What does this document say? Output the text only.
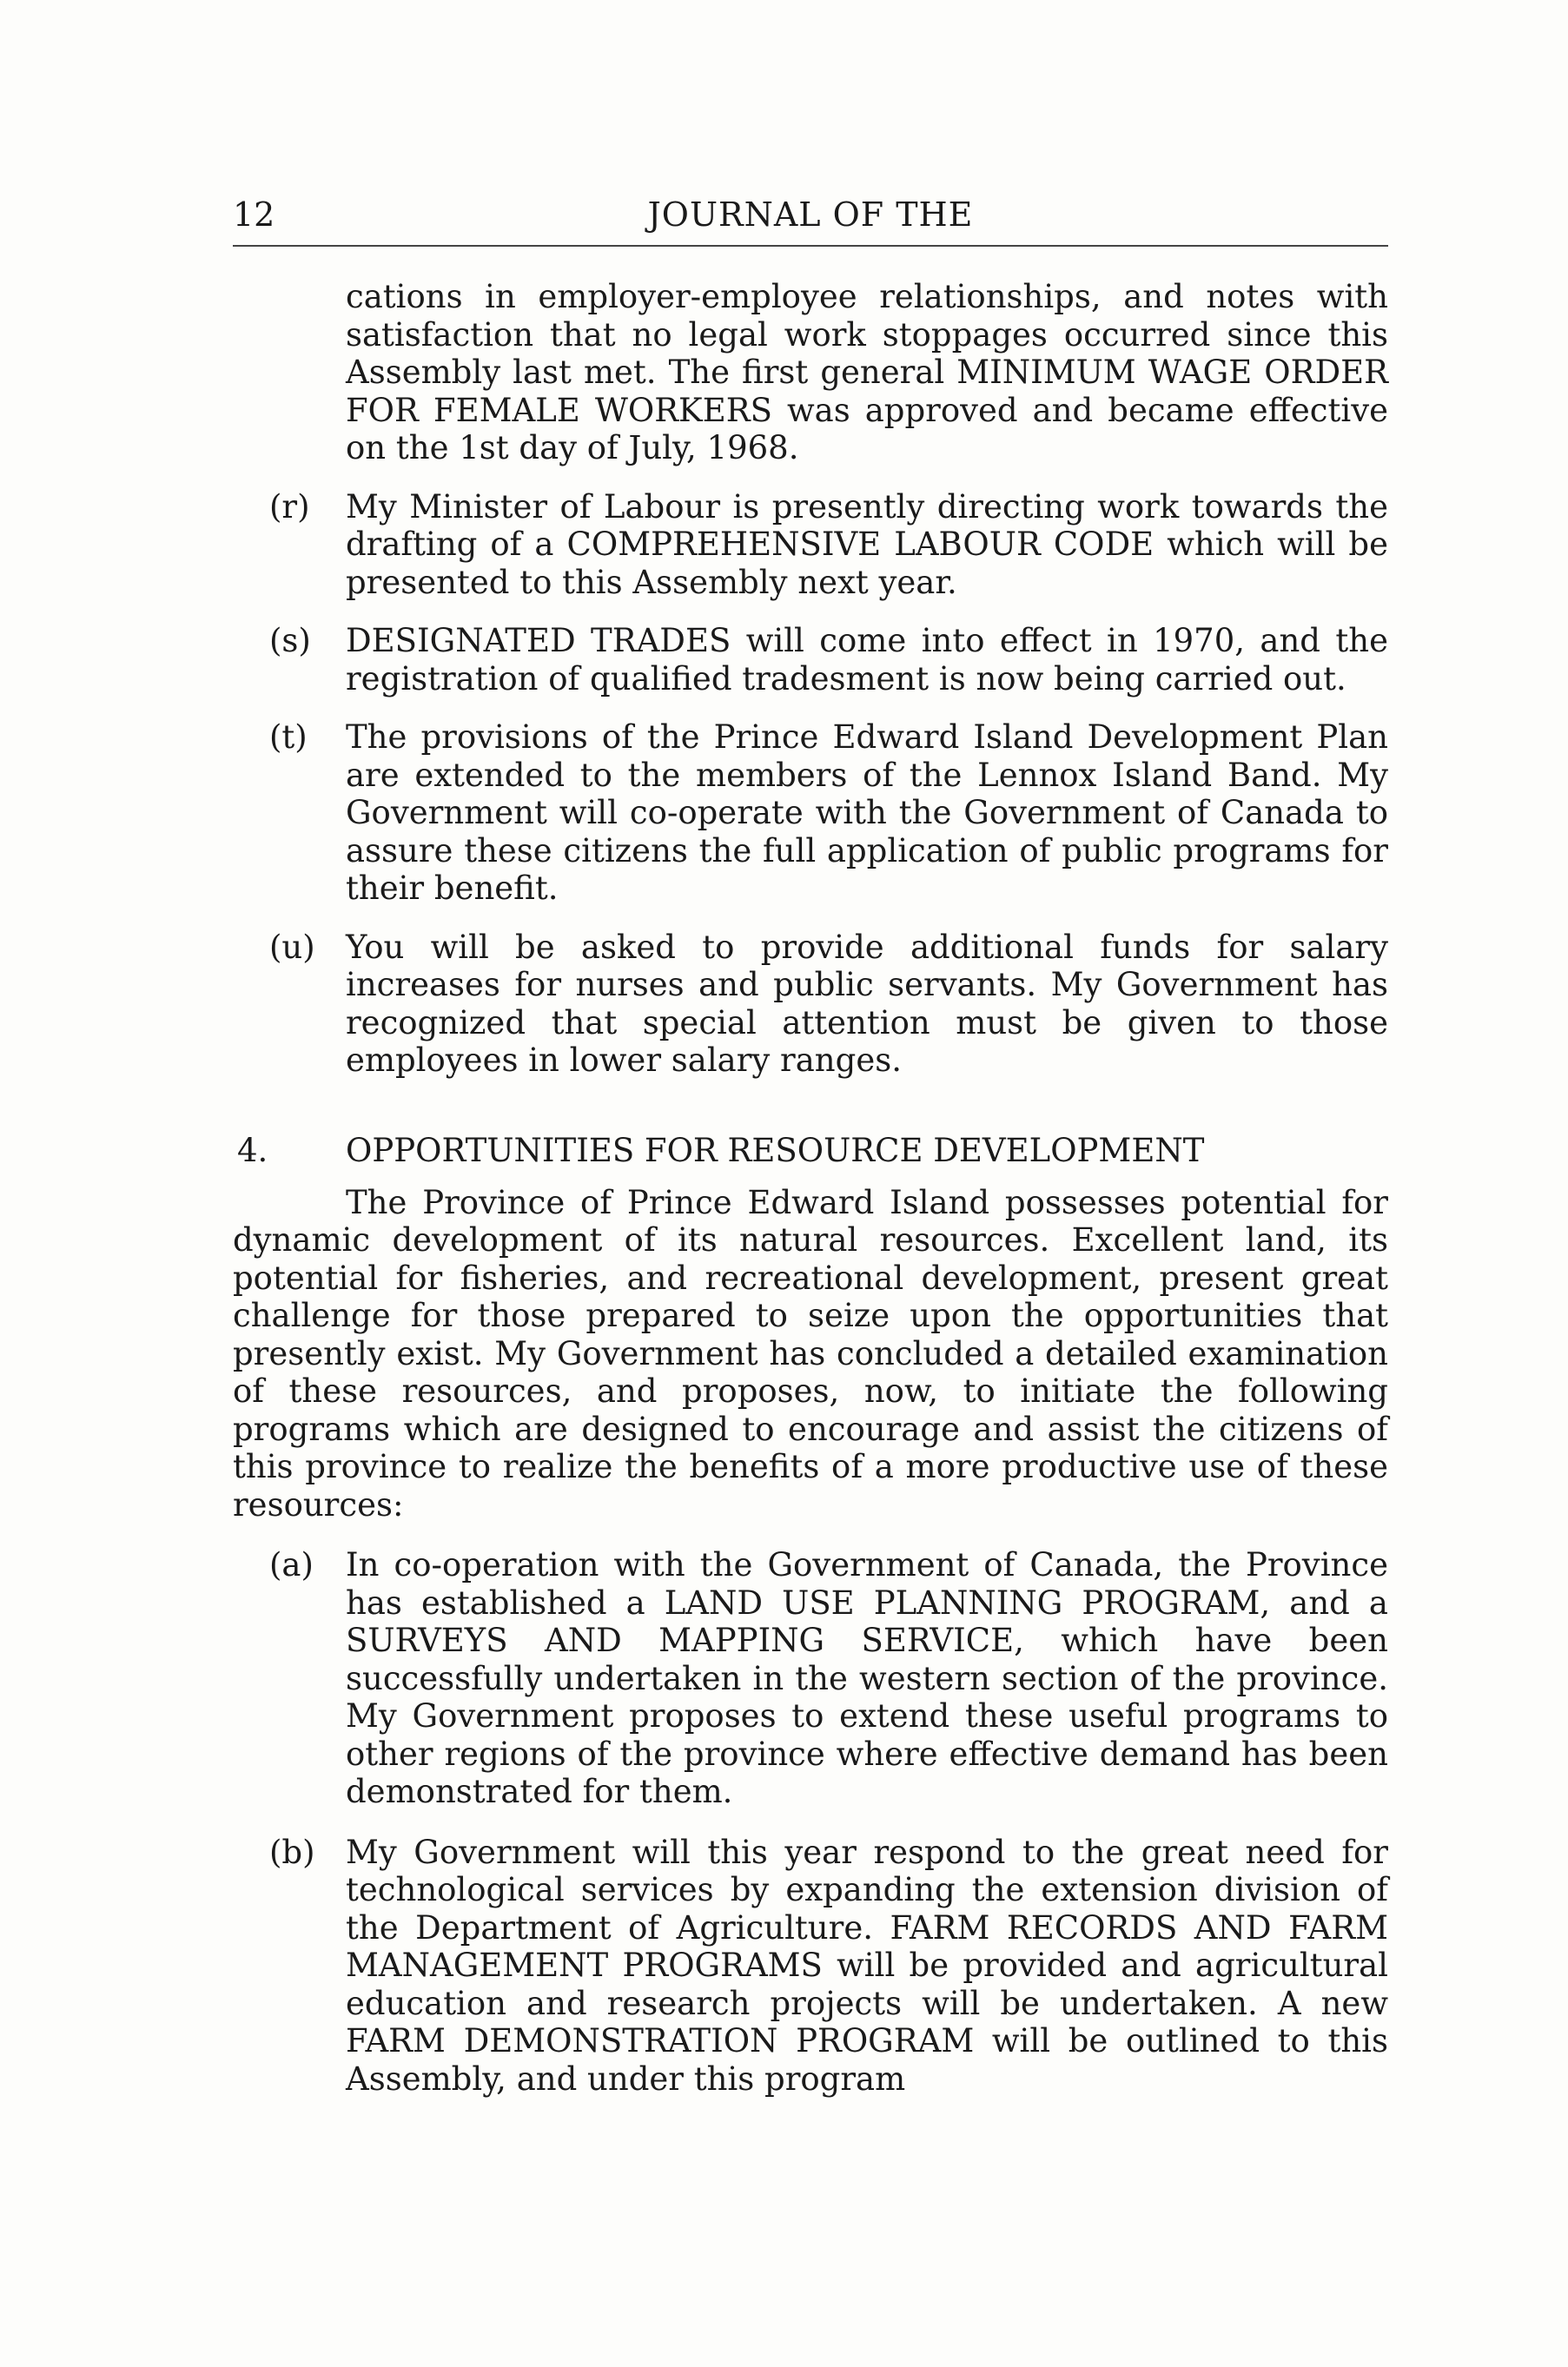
12	JOURNAL OF THE

cations in employer-employee relationships, and notes with satisfaction that no legal work stoppages occurred since this Assembly last met. The first general MINIMUM WAGE ORDER FOR FEMALE WORKERS was approved and became effective on the 1st day of July, 1968.

(r) My Minister of Labour is presently directing work towards the drafting of a COMPREHENSIVE LABOUR CODE which will be presented to this Assembly next year.
(s) DESIGNATED TRADES will come into effect in 1970, and the registration of qualified tradesment is now being carried out.
(t) The provisions of the Prince Edward Island Development Plan are extended to the members of the Lennox Island Band. My Government will co-operate with the Government of Canada to assure these citizens the full application of public programs for their benefit.
(u) You will be asked to provide additional funds for salary increases for nurses and public servants. My Government has recognized that special attention must be given to those employees in lower salary ranges.
4. OPPORTUNITIES FOR RESOURCE DEVELOPMENT

The Province of Prince Edward Island possesses potential for dynamic development of its natural resources. Excellent land, its potential for fisheries, and recreational development, present great challenge for those prepared to seize upon the opportunities that presently exist. My Government has concluded a detailed examination of these resources, and proposes, now, to initiate the following programs which are designed to encourage and assist the citizens of this province to realize the benefits of a more productive use of these resources:

(a) In co-operation with the Government of Canada, the Province has established a LAND USE PLANNING PROGRAM, and a SURVEYS AND MAPPING SERVICE, which have been successfully undertaken in the western section of the province. My Government proposes to extend these useful programs to other regions of the province where effective demand has been demonstrated for them.
(b) My Government will this year respond to the great need for technological services by expanding the extension division of the Department of Agriculture. FARM RECORDS AND FARM MANAGEMENT PROGRAMS will be provided and agricultural education and research projects will be undertaken. A new FARM DEMONSTRATION PROGRAM will be outlined to this Assembly, and under this program
